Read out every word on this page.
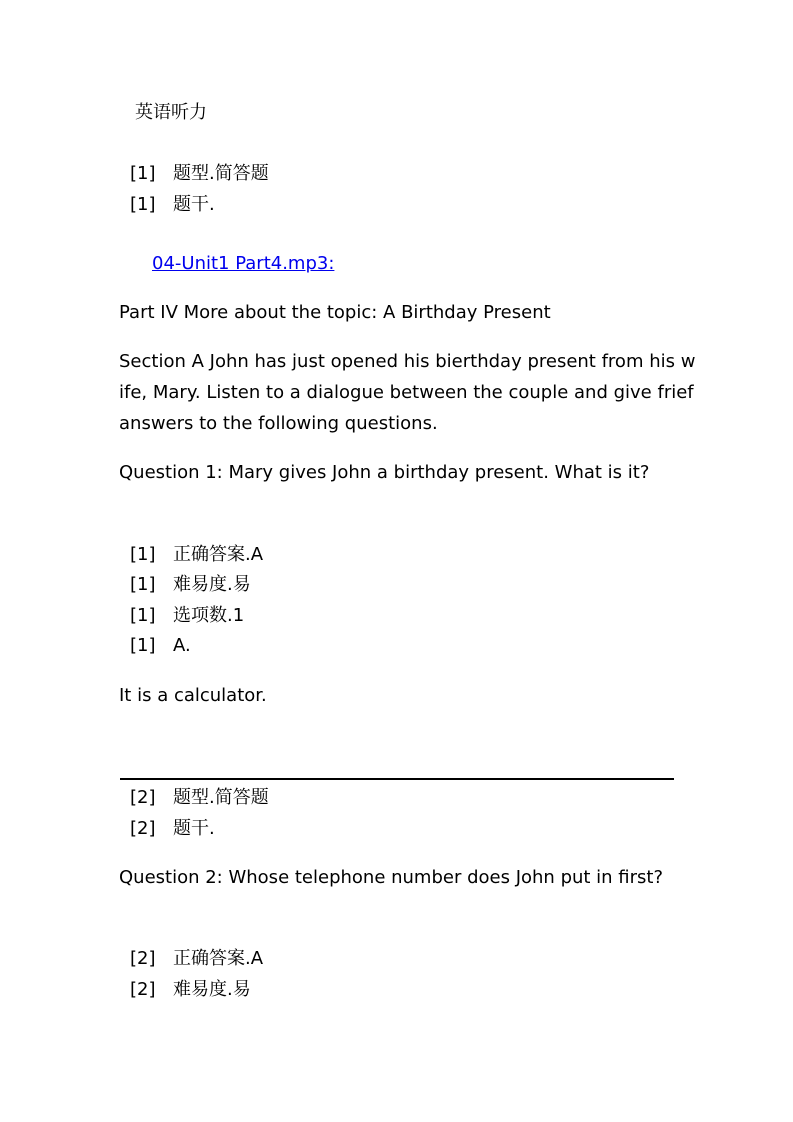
英语听力
[1] 题型.简答题
[1] 题干.
04-Unit1 Part4.mp3:
Part IV More about the topic: A Birthday Present
Section A John has just opened his bierthday present from his w
ife, Mary. Listen to a dialogue between the couple and give frief
answers to the following questions.
Question 1: Mary gives John a birthday present. What is it?
[1] 正确答案.A
[1] 难易度.易
[1] 选项数.1
[1] A.
It is a calculator.
[2] 题型.简答题
[2] 题干.
Question 2: Whose telephone number does John put in first?
[2] 正确答案.A
[2] 难易度.易
